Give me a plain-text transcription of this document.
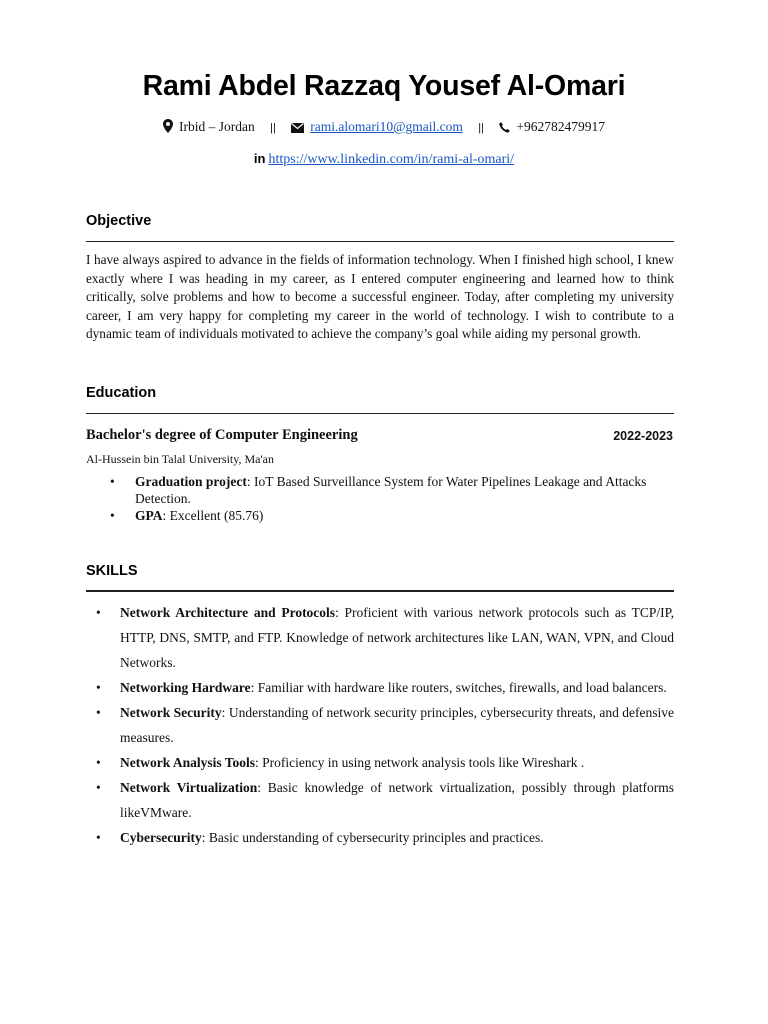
Rami Abdel Razzaq Yousef Al-Omari
Irbid – Jordan ||	rami.alomari10@gmail.com || +962782479917
in https://www.linkedin.com/in/rami-al-omari/
Objective
I have always aspired to advance in the fields of information technology. When I finished high school, I knew exactly where I was heading in my career, as I entered computer engineering and learned how to think critically, solve problems and how to become a successful engineer. Today, after completing my university career, I am very happy for completing my career in the world of technology. I wish to contribute to a dynamic team of individuals motivated to achieve the company’s goal while aiding my personal growth.
Education
Bachelor's degree of Computer Engineering	2022-2023
Al-Hussein bin Talal University, Ma'an
• Graduation project: IoT Based Surveillance System for Water Pipelines Leakage and Attacks Detection.
• GPA: Excellent (85.76)
SKILLS
• Network Architecture and Protocols: Proficient with various network protocols such as TCP/IP, HTTP, DNS, SMTP, and FTP. Knowledge of network architectures like LAN, WAN, VPN, and Cloud Networks.
• Networking Hardware: Familiar with hardware like routers, switches, firewalls, and load balancers.
• Network Security: Understanding of network security principles, cybersecurity threats, and defensive measures.
• Network Analysis Tools: Proficiency in using network analysis tools like Wireshark .
• Network Virtualization: Basic knowledge of network virtualization, possibly through platforms likeVMware.
• Cybersecurity: Basic understanding of cybersecurity principles and practices.
